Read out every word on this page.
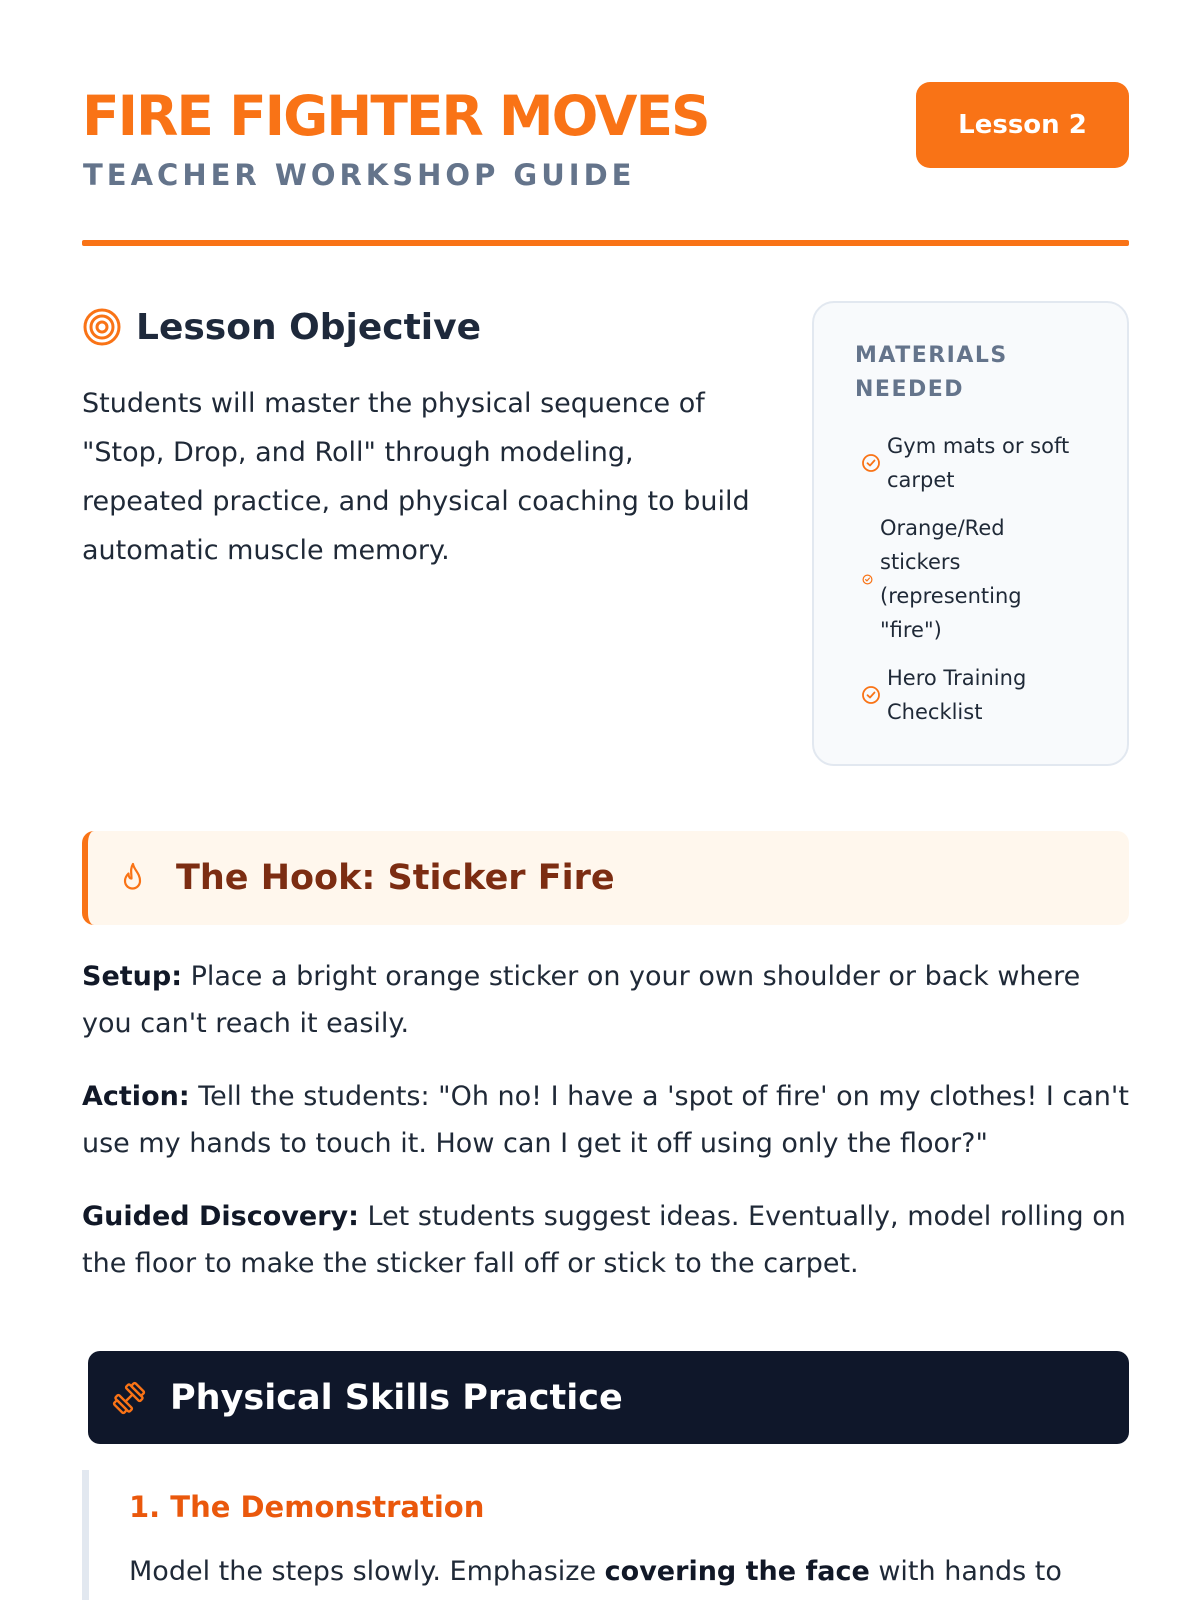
FIRE FIGHTER MOVES
TEACHER WORKSHOP GUIDE
Lesson 2
Lesson Objective

Students will master the physical sequence of "Stop, Drop, and Roll" through modeling, repeated practice, and physical coaching to build automatic muscle memory.

MATERIALS NEEDED
Gym mats or soft carpet
Orange/Red stickers (representing "fire")
Hero Training Checklist
The Hook: Sticker Fire

Setup: Place a bright orange sticker on your own shoulder or back where you can't reach it easily.

Action: Tell the students: "Oh no! I have a 'spot of fire' on my clothes! I can't use my hands to touch it. How can I get it off using only the floor?"

Guided Discovery: Let students suggest ideas. Eventually, model rolling on the floor to make the sticker fall off or stick to the carpet.

Physical Skills Practice
1. The Demonstration

Model the steps slowly. Emphasize covering the face with hands to
